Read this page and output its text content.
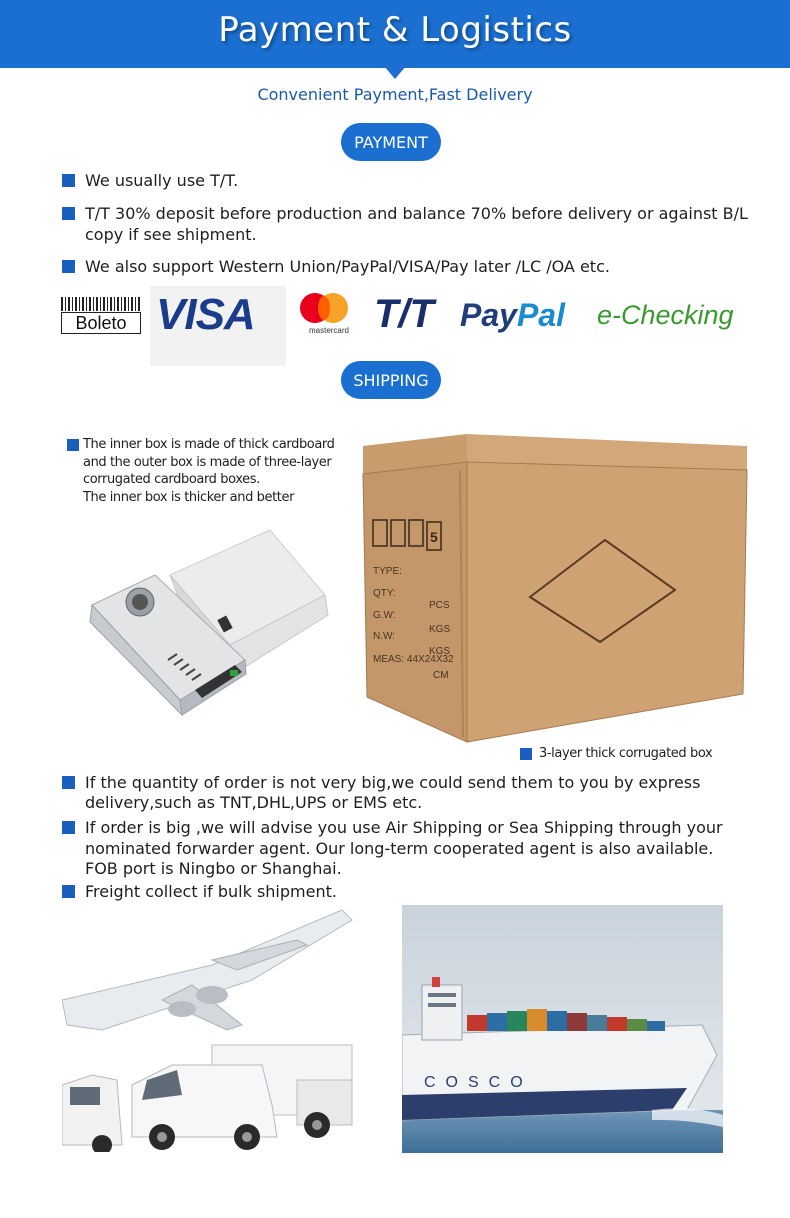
Payment & Logistics
Convenient Payment,Fast Delivery
PAYMENT
We usually use T/T.
T/T 30% deposit before production and balance 70% before delivery or against B/L
copy if see shipment.
We also support Western Union/PayPal/VISA/Pay later /LC /OA etc.
Boleto VISA	mastercard T/T PayPal e-Checking
SHIPPING
The inner box is made of thick cardboard
and the outer box is made of three-layer
corrugated cardboard boxes.
The inner box is thicker and better
5
TYPE:
QTY:
G.W:
N.W:
MEAS: 44X24X32
PCS
KGS
KGS
CM
3-layer thick corrugated box
If the quantity of order is not very big,we could send them to you by express
delivery,such as TNT,DHL,UPS or EMS etc.
If order is big ,we will advise you use Air Shipping or Sea Shipping through your
nominated forwarder agent. Our long-term cooperated agent is also available.
FOB port is Ningbo or Shanghai.
Freight collect if bulk shipment.
COSCO
